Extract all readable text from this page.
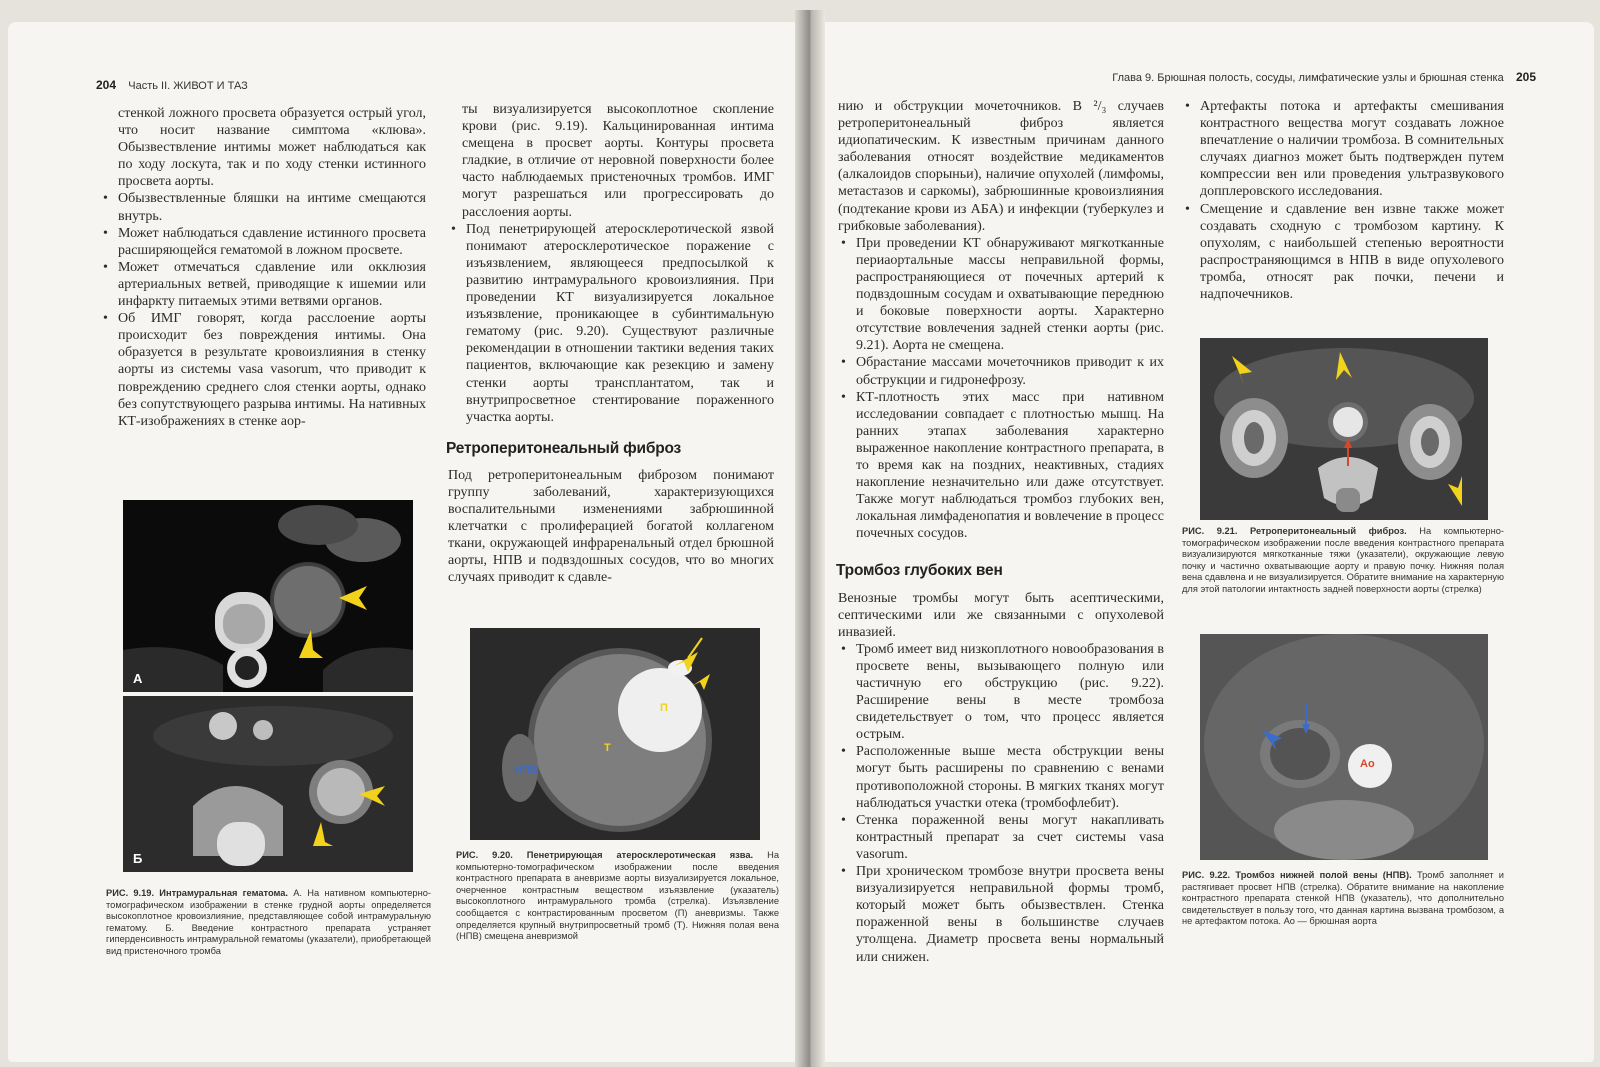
204 Часть II. ЖИВОТ И ТАЗ

стенкой ложного просвета образуется острый угол, что носит название симптома «клюва». Обызвествление интимы может наблюдаться как по ходу лоскута, так и по ходу стенки истинного просвета аорты.

• Обызвествленные бляшки на интиме смещаются внутрь.
• Может наблюдаться сдавление истинного просвета расширяющейся гематомой в ложном просвете.
• Может отмечаться сдавление или окклюзия артериальных ветвей, приводящие к ишемии или инфаркту питаемых этими ветвями органов.
• Об ИМГ говорят, когда расслоение аорты происходит без повреждения интимы. Она образуется в результате кровоизлияния в стенку аорты из системы vasa vasorum, что приводит к повреждению среднего слоя стенки аорты, однако без сопутствующего разрыва интимы. На нативных КТ-изображениях в стенке аор-

ты визуализируется высокоплотное скопление крови (рис. 9.19). Кальцинированная интима смещена в просвет аорты. Контуры просвета гладкие, в отличие от неровной поверхности более часто наблюдаемых пристеночных тромбов. ИМГ могут разрешаться или прогрессировать до расслоения аорты.

• Под пенетрирующей атеросклеротической язвой понимают атеросклеротическое поражение с изъязвлением, являющееся предпосылкой к развитию интрамурального кровоизлияния. При проведении КТ визуализируется локальное изъязвление, проникающее в субинтимальную гематому (рис. 9.20). Существуют различные рекомендации в отношении тактики ведения таких пациентов, включающие как резекцию и замену стенки аорты трансплантатом, так и внутрипросветное стентирование пораженного участка аорты.
Ретроперитонеальный фиброз

Под ретроперитонеальным фиброзом понимают группу заболеваний, характеризующихся воспалительными изменениями забрюшинной клетчатки с пролиферацией богатой коллагеном ткани, окружающей инфраренальный отдел брюшной аорты, НПВ и подвздошных сосудов, что во многих случаях приводит к сдавле-

А
Б
РИС. 9.19. Интрамуральная гематома. А. На нативном компьютерно-томографическом изображении в стенке грудной аорты определяется высокоплотное кровоизлияние, представляющее собой интрамуральную гематому. Б. Введение контрастного препарата устраняет гиперденсивность интрамуральной гематомы (указатели), приобретающей вид пристеночного тромба
П
Т
НПВ
РИС. 9.20. Пенетрирующая атеросклеротическая язва. На компьютерно-томографическом изображении после введения контрастного препарата в аневризме аорты визуализируется локальное, очерченное контрастным веществом изъязвление (указатель) высокоплотного интрамурального тромба (стрелка). Изъязвление сообщается с контрастированным просветом (П) аневризмы. Также определяется крупный внутрипросветный тромб (Т). Нижняя полая вена (НПВ) смещена аневризмой
Глава 9. Брюшная полость, сосуды, лимфатические узлы и брюшная стенка 205

нию и обструкции мочеточников. В ²/₃ случаев ретроперитонеальный фиброз является идиопатическим. К известным причинам данного заболевания относят воздействие медикаментов (алкалоидов спорыньи), наличие опухолей (лимфомы, метастазов и саркомы), забрюшинные кровоизлияния (подтекание крови из АБА) и инфекции (туберкулез и грибковые заболевания).

• При проведении КТ обнаруживают мягкотканные периаортальные массы неправильной формы, распространяющиеся от почечных артерий к подвздошным сосудам и охватывающие переднюю и боковые поверхности аорты. Характерно отсутствие вовлечения задней стенки аорты (рис. 9.21). Аорта не смещена.
• Обрастание массами мочеточников приводит к их обструкции и гидронефрозу.
• КТ-плотность этих масс при нативном исследовании совпадает с плотностью мышц. На ранних этапах заболевания характерно выраженное накопление контрастного препарата, в то время как на поздних, неактивных, стадиях накопление незначительно или даже отсутствует. Также могут наблюдаться тромбоз глубоких вен, локальная лимфаденопатия и вовлечение в процесс почечных сосудов.
Тромбоз глубоких вен

Венозные тромбы могут быть асептическими, септическими или же связанными с опухолевой инвазией.

• Тромб имеет вид низкоплотного новообразования в просвете вены, вызывающего полную или частичную его обструкцию (рис. 9.22). Расширение вены в месте тромбоза свидетельствует о том, что процесс является острым.
• Расположенные выше места обструкции вены могут быть расширены по сравнению с венами противоположной стороны. В мягких тканях могут наблюдаться участки отека (тромбофлебит).
• Стенка пораженной вены могут накапливать контрастный препарат за счет системы vasa vasorum.
• При хроническом тромбозе внутри просвета вены визуализируется неправильной формы тромб, который может быть обызвествлен. Стенка пораженной вены в большинстве случаев утолщена. Диаметр просвета вены нормальный или снижен.
• Артефакты потока и артефакты смешивания контрастного вещества могут создавать ложное впечатление о наличии тромбоза. В сомнительных случаях диагноз может быть подтвержден путем компрессии вен или проведения ультразвукового допплеровского исследования.
• Смещение и сдавление вен извне также может создавать сходную с тромбозом картину. К опухолям, с наибольшей степенью вероятности распространяющимся в НПВ в виде опухолевого тромба, относят рак почки, печени и надпочечников.
РИС. 9.21. Ретроперитонеальный фиброз. На компьютерно-томографическом изображении после введения контрастного препарата визуализируются мягкотканные тяжи (указатели), окружающие левую почку и частично охватывающие аорту и правую почку. Нижняя полая вена сдавлена и не визуализируется. Обратите внимание на характерную для этой патологии интактность задней поверхности аорты (стрелка)
Ао
РИС. 9.22. Тромбоз нижней полой вены (НПВ). Тромб заполняет и растягивает просвет НПВ (стрелка). Обратите внимание на накопление контрастного препарата стенкой НПВ (указатель), что дополнительно свидетельствует в пользу того, что данная картина вызвана тромбозом, а не артефактом потока. Ао — брюшная аорта
